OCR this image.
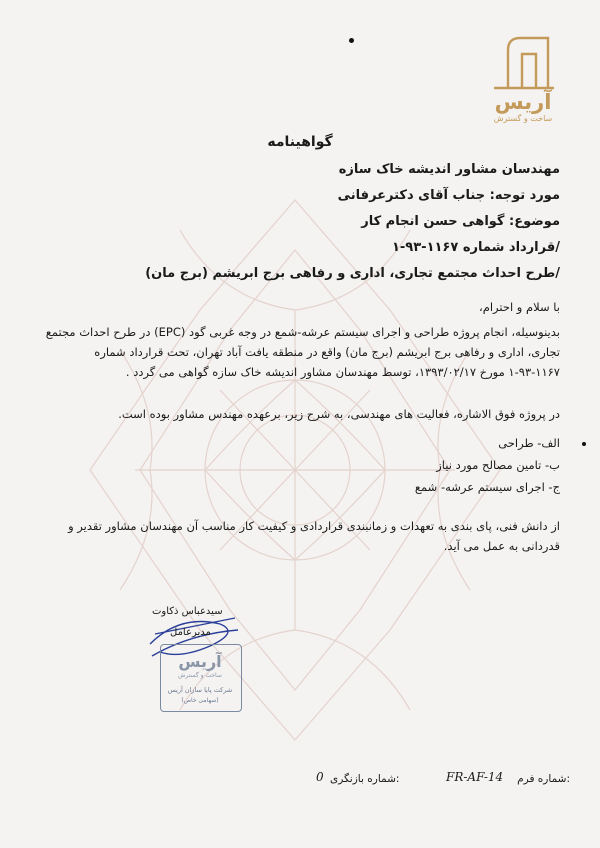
آریس
ساخت و گسترش
گواهینامه
مهندسان مشاور اندیشه خاک سازه
مورد توجه: جناب آقای دکترعرفانی
موضوع: گواهی حسن انجام کار
/قرارداد شماره ۱۱۶۷-۹۳-۱
/طرح احداث مجتمع تجاری، اداری و رفاهی برج ابریشم (برج مان)
با سلام و احترام،
بدینوسیله، انجام پروژه طراحی و اجرای سیستم عرشه-شمع در وجه غربی گود (EPC) در طرح احداث مجتمع تجاری، اداری و رفاهی برج ابریشم (برج مان) واقع در منطقه یافت آباد تهران، تحت قرارداد شماره ۱۱۶۷-۹۳-۱ مورخ ۱۳۹۳/۰۲/۱۷، توسط مهندسان مشاور اندیشه خاک سازه گواهی می گردد .
در پروژه فوق الاشاره، فعالیت های مهندسی، به شرح زیر، برعهده مهندس مشاور بوده است.
الف- طراحی
ب- تامین مصالح مورد نیاز
ج- اجرای سیستم عرشه- شمع
از دانش فنی، پای بندی به تعهدات و زمانبندی قراردادی و کیفیت کار مناسب آن مهندسان مشاور تقدیر و قدردانی به عمل می آید.
سیدعباس ذکاوت
مدیرعامل
آریس
ساخت و گسترش
شرکت پایا سازان آریس
(سهامی خاص)
شماره فرم:
FR-AF-14
شماره بازنگری:
0
